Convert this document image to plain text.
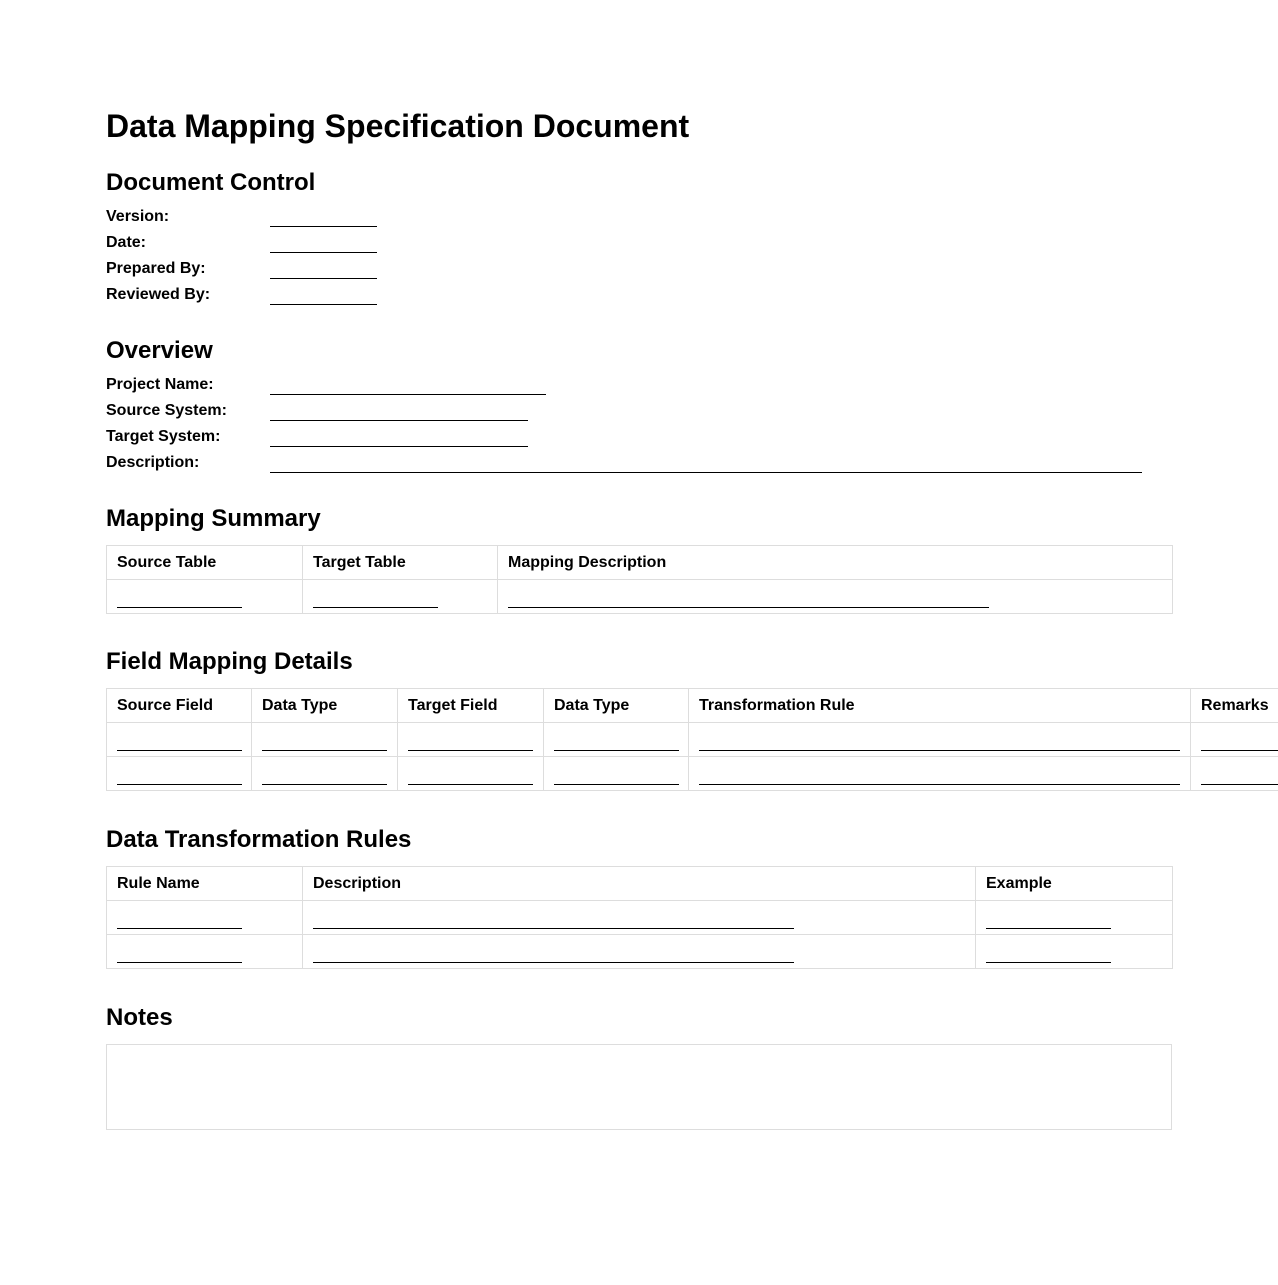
Data Mapping Specification Document
Document Control
Version:
Date:
Prepared By:
Reviewed By:
Overview
Project Name:
Source System:
Target System:
Description:
Mapping Summary
Source Table	Target Table	Mapping Description

Field Mapping Details
Source Field	Data Type	Target Field	Data Type	Transformation Rule	Remarks

Data Transformation Rules
Rule Name	Description	Example

Notes
